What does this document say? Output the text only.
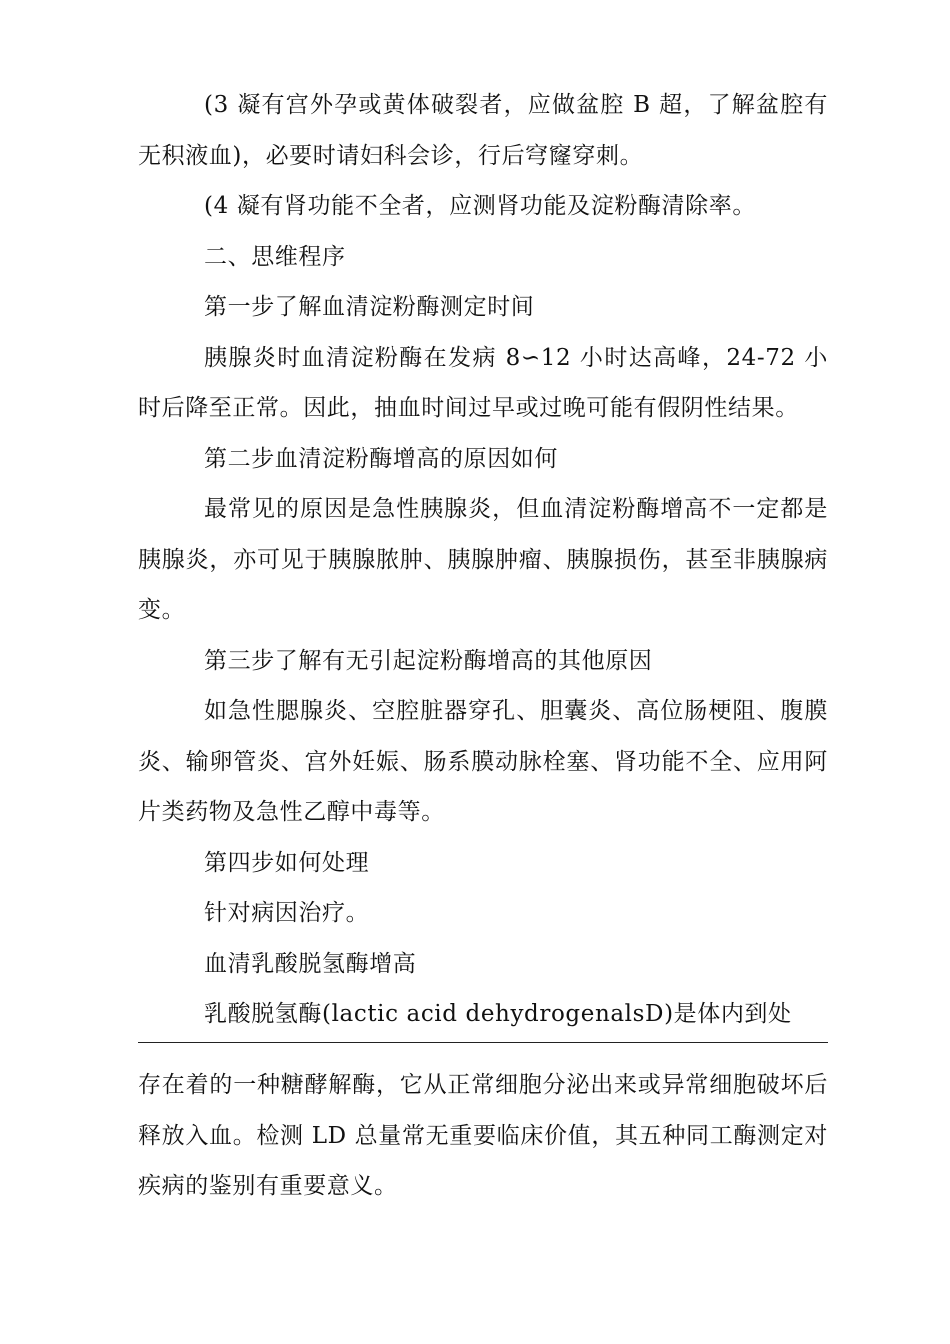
(3 凝有宫外孕或黄体破裂者，应做盆腔 B 超，了解盆腔有无积液血)，必要时请妇科会诊，行后穹窿穿刺。

(4 凝有肾功能不全者，应测肾功能及淀粉酶清除率。

二、思维程序

第一步了解血清淀粉酶测定时间

胰腺炎时血清淀粉酶在发病 8∽12 小时达高峰，24-72 小时后降至正常。因此，抽血时间过早或过晚可能有假阴性结果。

第二步血清淀粉酶增高的原因如何

最常见的原因是急性胰腺炎，但血清淀粉酶增高不一定都是胰腺炎，亦可见于胰腺脓肿、胰腺肿瘤、胰腺损伤，甚至非胰腺病变。

第三步了解有无引起淀粉酶增高的其他原因

如急性腮腺炎、空腔脏器穿孔、胆囊炎、高位肠梗阻、腹膜炎、输卵管炎、宫外妊娠、肠系膜动脉栓塞、肾功能不全、应用阿片类药物及急性乙醇中毒等。

第四步如何处理

针对病因治疗。

血清乳酸脱氢酶增高

乳酸脱氢酶(lactic acid dehydrogenalsD)是体内到处

存在着的一种糖酵解酶，它从正常细胞分泌出来或异常细胞破坏后释放入血。检测 LD 总量常无重要临床价值，其五种同工酶测定对疾病的鉴别有重要意义。
